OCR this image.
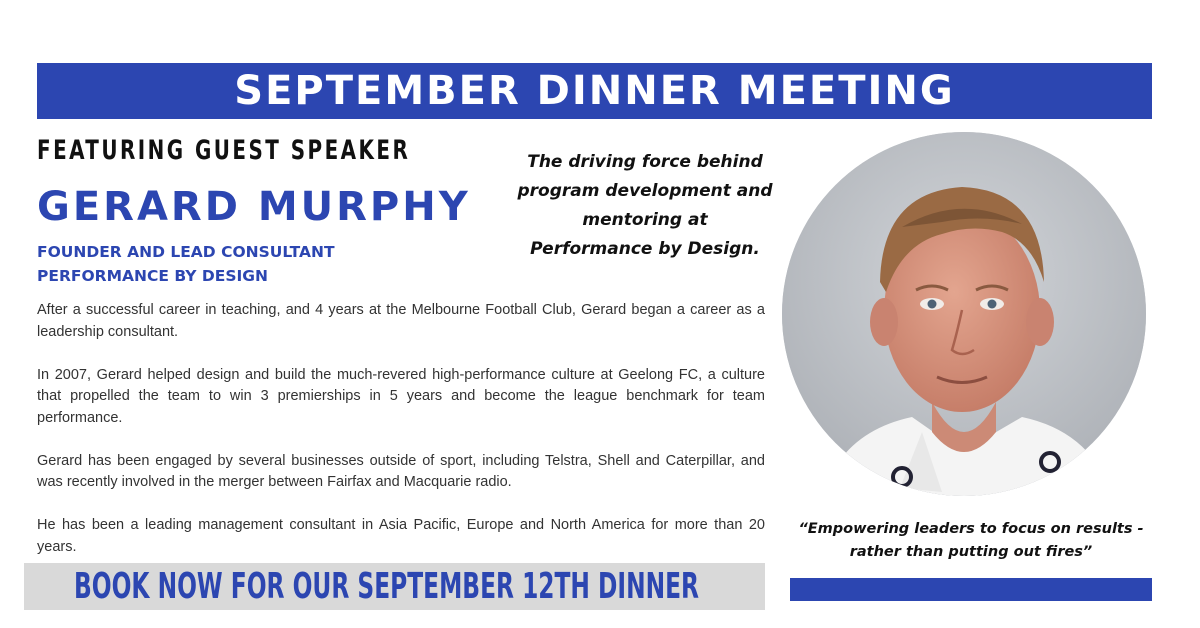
SEPTEMBER DINNER MEETING
FEATURING GUEST SPEAKER
GERARD MURPHY
FOUNDER AND LEAD CONSULTANT
PERFORMANCE BY DESIGN
The driving force behind
program development and
mentoring at
Performance by Design.

After a successful career in teaching, and 4 years at the Melbourne Football Club, Gerard began a career as a leadership consultant.

In 2007, Gerard helped design and build the much-revered high-performance culture at Geelong FC, a culture that propelled the team to win 3 premierships in 5 years and become the league benchmark for team performance.

Gerard has been engaged by several businesses outside of sport, including Telstra, Shell and Caterpillar, and was recently involved in the merger between Fairfax and Macquarie radio.

He has been a leading management consultant in Asia Pacific, Europe and North America for more than 20 years.

“Empowering leaders to focus on results -
rather than putting out fires”
BOOK NOW FOR OUR SEPTEMBER 12TH DINNER
